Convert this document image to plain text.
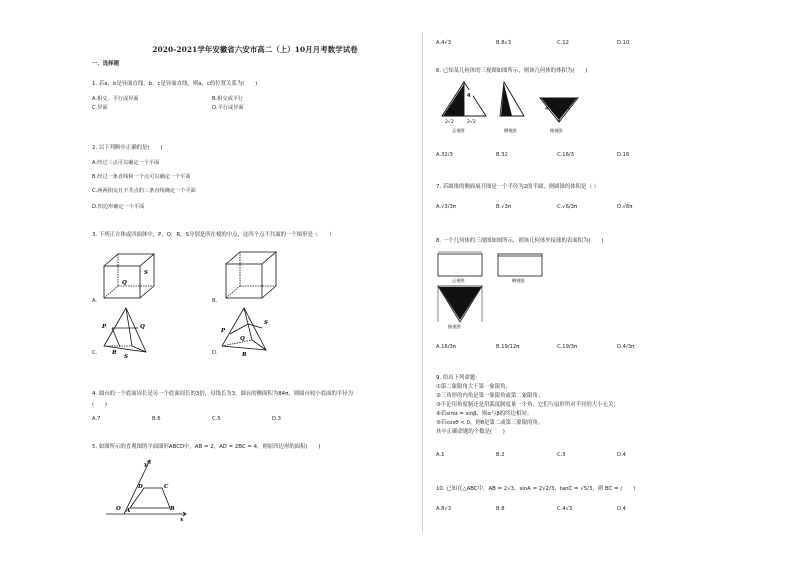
2020-2021学年安徽省六安市高二（上）10月月考数学试卷
一、选择题
1. 若a，b是异面直线，b，c是异面直线，则a，c的位置关系为(　　)
A.相交、平行或异面	B.相交或平行
C.异面	D.平行或异面
2. 以下判断中正确的是(　　)
A.经过三点可以确定一个平面
B.经过一条直线和一个点可以确定一个平面
C.两两相交且不共点的三条直线确定一个平面
D.四边形确定一个平面
3. 下列正方体或四面体中，P，Q，R，S分别是所在棱的中点，这四个点不共面的一个图形是（　　）
S
Q
A.	B.
P	Q
R
S
C.
P
S
Q
R
D.
4. 圆台的一个底面周长是另一个底面周长的3倍，母线长为3，圆台的侧面积为84π，则圆台较小底面的半径为
(　　)
A.7	B.6	C.5	D.3
5. 如图所示的直观图的平面图形ABCD中，AB = 2，AD = 2BC = 4，则原四边形的面积(　　)
y
O A	B
C
D
x
A.4√3	B.8√3	C.12	D.10
6. 已知某几何体的三视图如图所示，则该几何体的体积为(　　)
4
2√2	2√2
4	4
正视图	侧视图	俯视图
A.32/3	B.32	C.16/3	D.16
7. 若圆锥的侧面展开图是一个半径为2的半圆，则圆锥的体积是（ ）
A.√3/3π	B.√3π	C.√6/3π	D.√6π
8. 一个几何体的三视图如图所示，则该几何体外接球的表面积为(　　)
正视图	侧视图
俯视图
A.16/3π	B.19/12π	C.19/3π	D.4/3π
9. 给出下列命题：
①第二象限角大于第一象限角；
②三角形的内角是第一象限角或第二象限角；
③不论用角度制还是用弧度制度量一个角，它们与扇形所对半径的大小无关；
④若sinα = sinβ，则α与β的终边相同；
⑤若cosθ < 0，则θ是第二或第三象限的角。
其中正确命题的个数是(　　)
A.1	B.2	C.3	D.4
10. 已知在△ABC中，AB = 2√3，sinA = 2√2/3，tanC = √5/3，则 BC = (　　)
A.8√3	B.8	C.4√3	D.4
